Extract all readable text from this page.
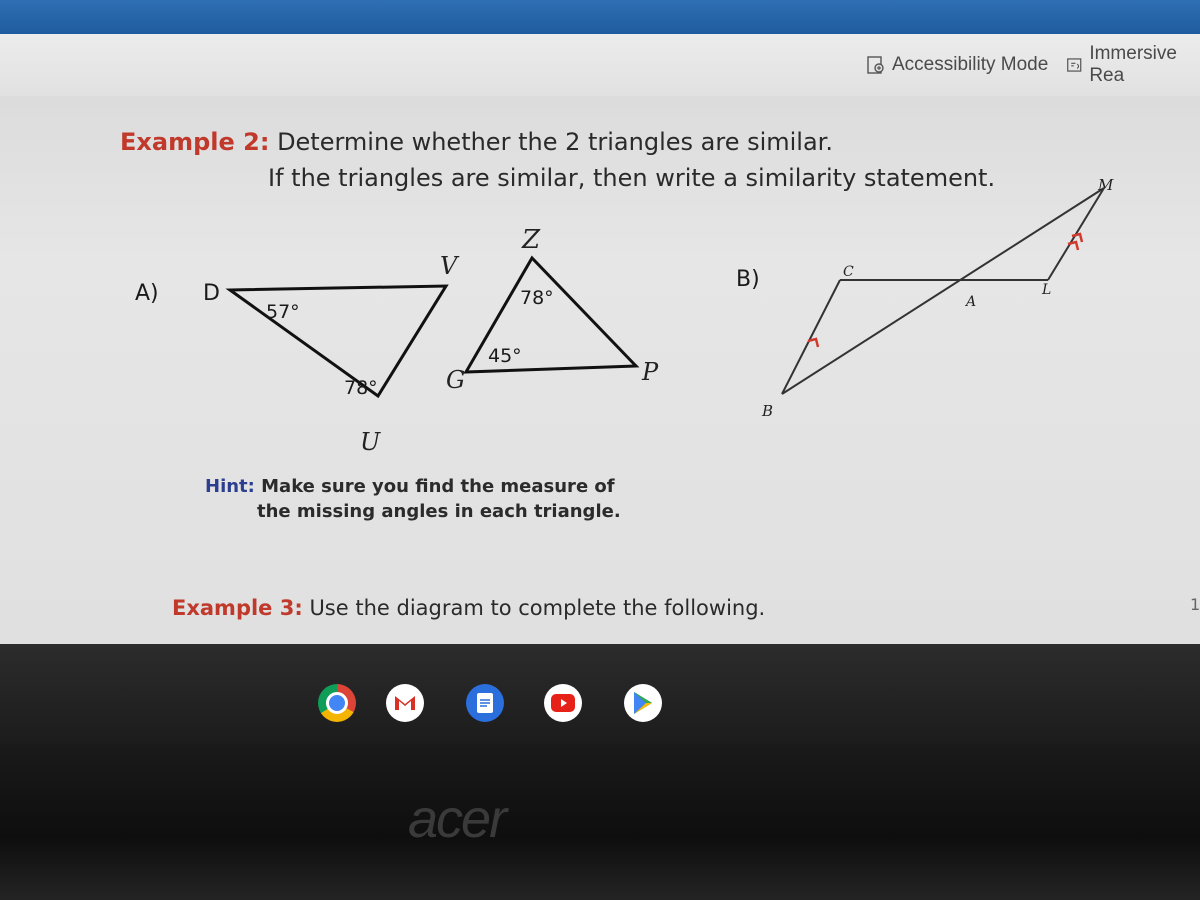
Accessibility Mode
Immersive Rea
Example 2: Determine whether the 2 triangles are similar.
If the triangles are similar, then write a similarity statement.
A) D
V
U
57°
78°
Z
G	P
78°
45°
B)	C
A
L
M
B
1
Hint: Make sure you find the measure of
the missing angles in each triangle.
Example 3: Use the diagram to complete the following.
acer
